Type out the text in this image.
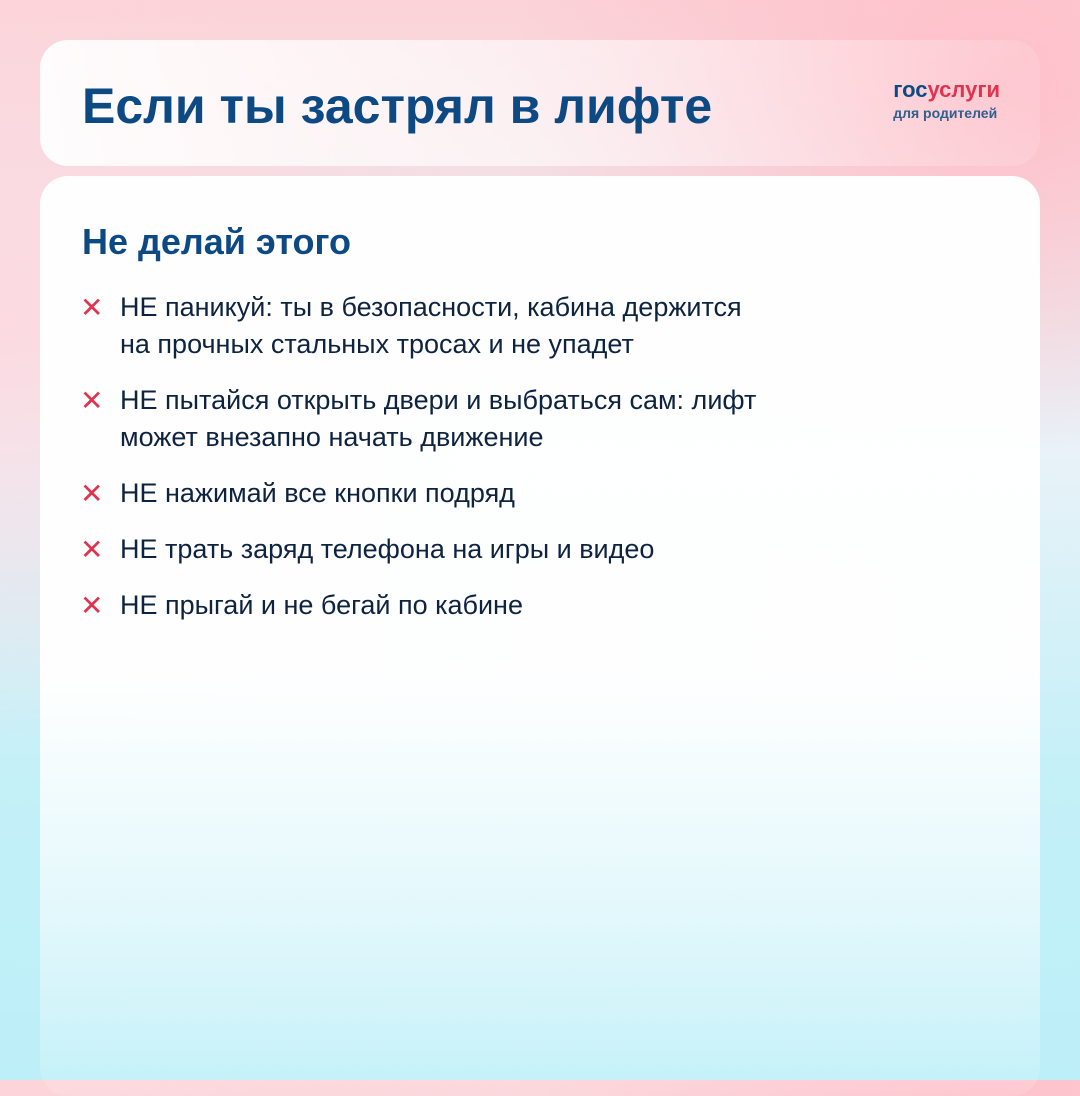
Если ты застрял в лифте	госуслуги
для родителей
Не делай этого
✕ НЕ паникуй: ты в безопасности, кабина держится
на прочных стальных тросах и не упадет
✕ НЕ пытайся открыть двери и выбраться сам: лифт
может внезапно начать движение
✕ НЕ нажимай все кнопки подряд
✕ НЕ трать заряд телефона на игры и видео
✕ НЕ прыгай и не бегай по кабине
